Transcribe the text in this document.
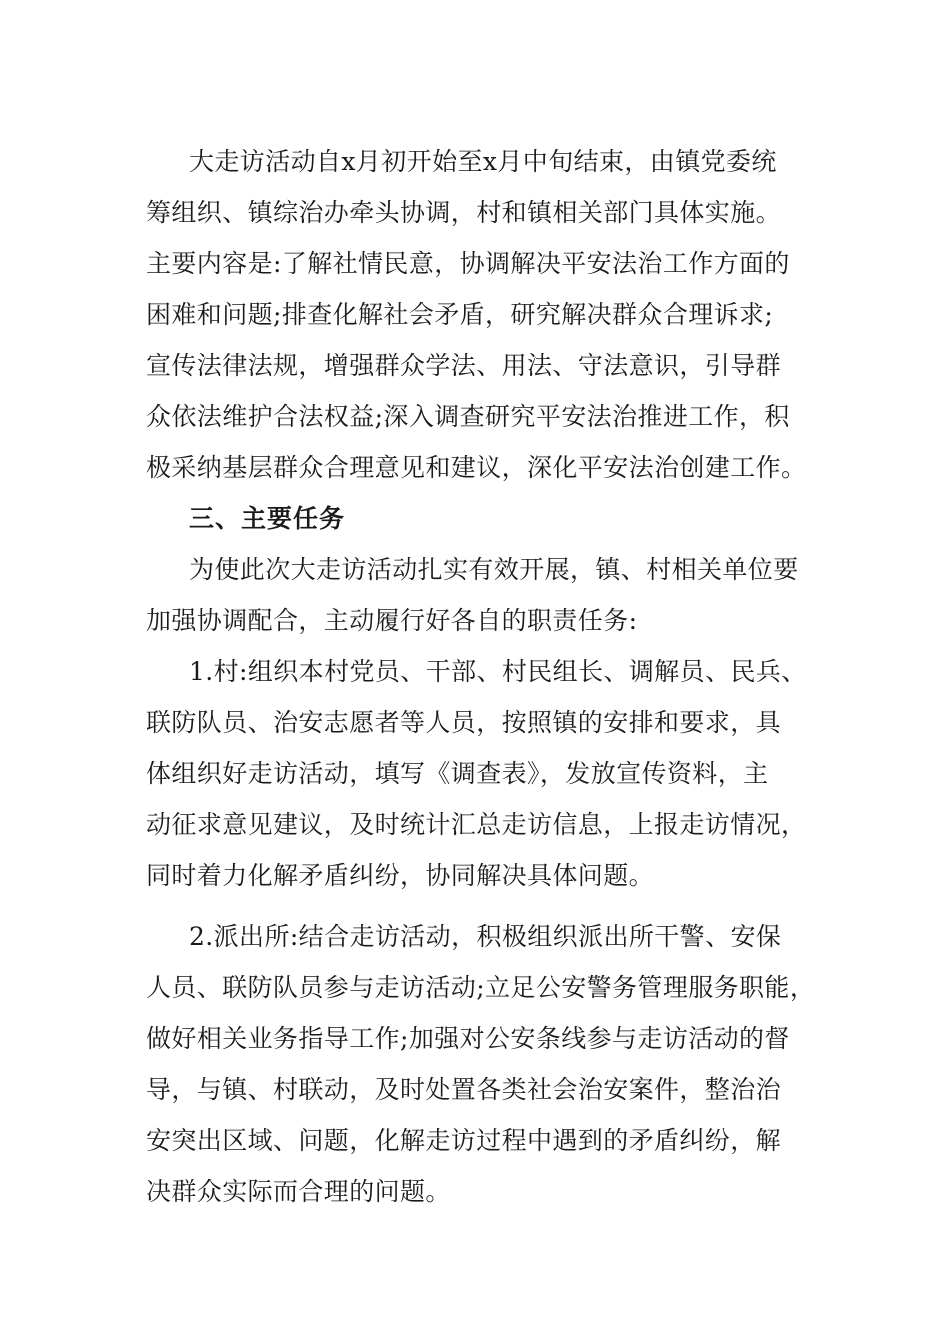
大走访活动自x月初开始至x月中旬结束，由镇党委统
筹组织、镇综治办牵头协调，村和镇相关部门具体实施。
主要内容是:了解社情民意，协调解决平安法治工作方面的
困难和问题;排查化解社会矛盾，研究解决群众合理诉求;
宣传法律法规，增强群众学法、用法、守法意识，引导群
众依法维护合法权益;深入调查研究平安法治推进工作，积
极采纳基层群众合理意见和建议，深化平安法治创建工作。
三、主要任务
为使此次大走访活动扎实有效开展，镇、村相关单位要
加强协调配合，主动履行好各自的职责任务:
1.村:组织本村党员、干部、村民组长、调解员、民兵、
联防队员、治安志愿者等人员，按照镇的安排和要求，具
体组织好走访活动，填写《调查表》，发放宣传资料，主
动征求意见建议，及时统计汇总走访信息，上报走访情况，
同时着力化解矛盾纠纷，协同解决具体问题。
2.派出所:结合走访活动，积极组织派出所干警、安保
人员、联防队员参与走访活动;立足公安警务管理服务职能，
做好相关业务指导工作;加强对公安条线参与走访活动的督
导，与镇、村联动，及时处置各类社会治安案件，整治治
安突出区域、问题，化解走访过程中遇到的矛盾纠纷，解
决群众实际而合理的问题。
